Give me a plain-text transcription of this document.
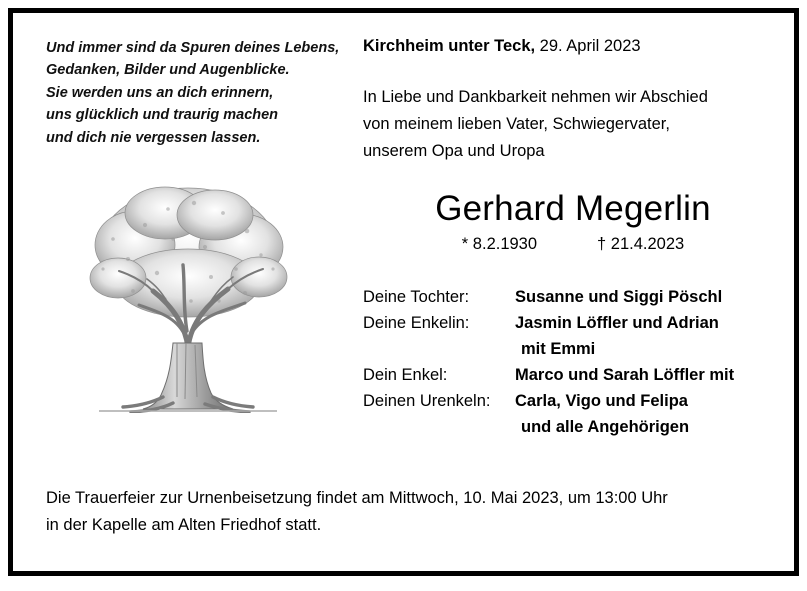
Und immer sind da Spuren deines Lebens,
Gedanken, Bilder und Augenblicke.
Sie werden uns an dich erinnern,
uns glücklich und traurig machen
und dich nie vergessen lassen.
Kirchheim unter Teck, 29. April 2023
In Liebe und Dankbarkeit nehmen wir Abschied
von meinem lieben Vater, Schwiegervater,
unserem Opa und Uropa
Gerhard Megerlin
* 8.2.1930	† 21.4.2023
Deine Tochter:	Susanne und Siggi Pöschl
Deine Enkelin:	Jasmin Löffler und Adrian
mit Emmi
Dein Enkel:	Marco und Sarah Löffler mit
Deinen Urenkeln:	Carla, Vigo und Felipa
und alle Angehörigen
Die Trauerfeier zur Urnenbeisetzung findet am Mittwoch, 10. Mai 2023, um 13:00 Uhr
in der Kapelle am Alten Friedhof statt.
